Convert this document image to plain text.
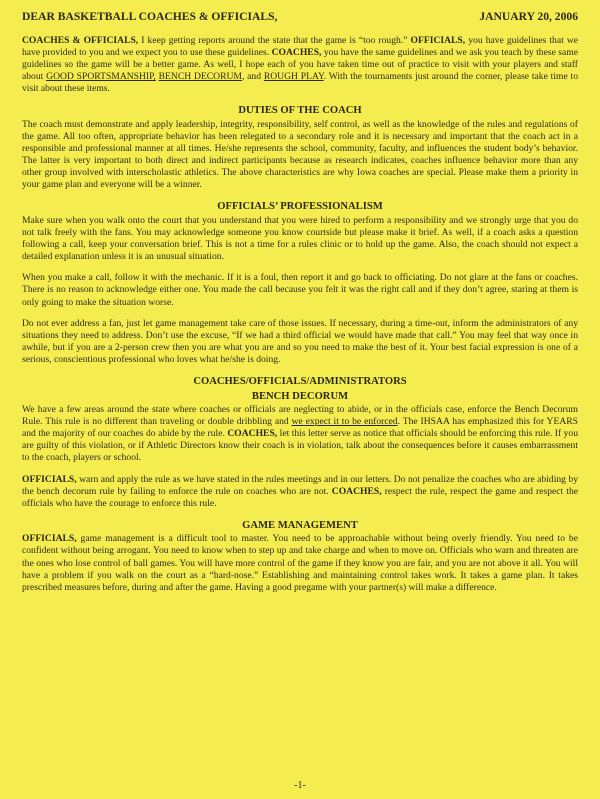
DEAR BASKETBALL COACHES & OFFICIALS,	JANUARY 20, 2006

COACHES & OFFICIALS, I keep getting reports around the state that the game is “too rough.” OFFICIALS, you have guidelines that we have provided to you and we expect you to use these guidelines. COACHES, you have the same guidelines and we ask you teach by these same guidelines so the game will be a better game. As well, I hope each of you have taken time out of practice to visit with your players and staff about GOOD SPORTSMANSHIP, BENCH DECORUM, and ROUGH PLAY. With the tournaments just around the corner, please take time to visit about these items.

DUTIES OF THE COACH

The coach must demonstrate and apply leadership, integrity, responsibility, self control, as well as the knowledge of the rules and regulations of the game. All too often, appropriate behavior has been relegated to a secondary role and it is necessary and important that the coach act in a responsible and professional manner at all times. He/she represents the school, community, faculty, and influences the student body’s behavior. The latter is very important to both direct and indirect participants because as research indicates, coaches influence behavior more than any other group involved with interscholastic athletics. The above characteristics are why Iowa coaches are special. Please make them a priority in your game plan and everyone will be a winner.

OFFICIALS’ PROFESSIONALISM

Make sure when you walk onto the court that you understand that you were hired to perform a responsibility and we strongly urge that you do not talk freely with the fans. You may acknowledge someone you know courtside but please make it brief. As well, if a coach asks a question following a call, keep your conversation brief. This is not a time for a rules clinic or to hold up the game. Also, the coach should not expect a detailed explanation unless it is an unusual situation.

When you make a call, follow it with the mechanic. If it is a foul, then report it and go back to officiating. Do not glare at the fans or coaches. There is no reason to acknowledge either one. You made the call because you felt it was the right call and if they don’t agree, staring at them is only going to make the situation worse.

Do not ever address a fan, just let game management take care of those issues. If necessary, during a time-out, inform the administrators of any situations they need to address. Don’t use the excuse, “If we had a third official we would have made that call.” You may feel that way once in awhile, but if you are a 2-person crew then you are what you are and so you need to make the best of it. Your best facial expression is one of a serious, conscientious professional who loves what he/she is doing.

COACHES/OFFICIALS/ADMINISTRATORS
BENCH DECORUM

We have a few areas around the state where coaches or officials are neglecting to abide, or in the officials case, enforce the Bench Decorum Rule. This rule is no different than traveling or double dribbling and we expect it to be enforced. The IHSAA has emphasized this for YEARS and the majority of our coaches do abide by the rule. COACHES, let this letter serve as notice that officials should be enforcing this rule. If you are guilty of this violation, or if Athletic Directors know their coach is in violation, talk about the consequences before it causes embarrassment to the coach, players or school.

OFFICIALS, warn and apply the rule as we have stated in the rules meetings and in our letters. Do not penalize the coaches who are abiding by the bench decorum rule by failing to enforce the rule on coaches who are not. COACHES, respect the rule, respect the game and respect the officials who have the courage to enforce this rule.

GAME MANAGEMENT

OFFICIALS, game management is a difficult tool to master. You need to be approachable without being overly friendly. You need to be confident without being arrogant. You need to know when to step up and take charge and when to move on. Officials who warn and threaten are the ones who lose control of ball games. You will have more control of the game if they know you are fair, and you are not above it all. You will have a problem if you walk on the court as a “hard-nose.” Establishing and maintaining control takes work. It takes a game plan. It takes prescribed measures before, during and after the game. Having a good pregame with your partner(s) will make a difference.

-1-
